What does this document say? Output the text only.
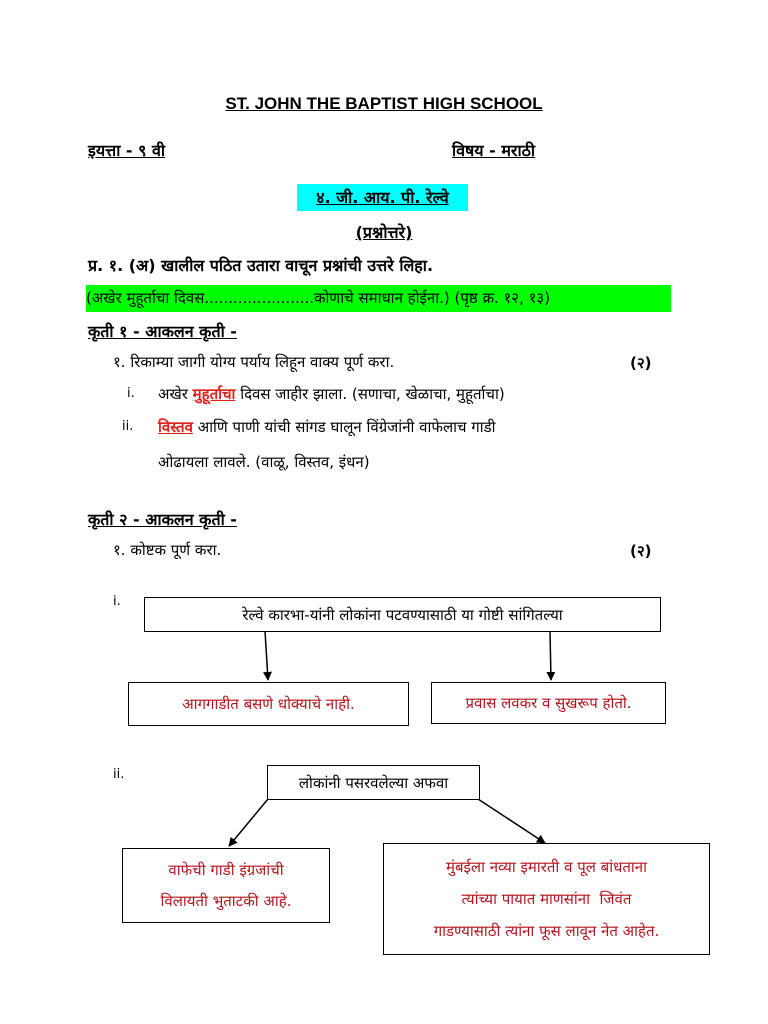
ST. JOHN THE BAPTIST HIGH SCHOOL
इयत्ता - ९ वी	विषय - मराठी
४. जी. आय. पी. रेल्वे
(प्रश्नोत्तरे)
प्र. १. (अ) खालील पठित उतारा वाचून प्रश्नांची उत्तरे लिहा.
(अखेर मुहूर्ताचा दिवस.......................कोणाचे समाधान होईना.) (पृष्ठ क्र. १२, १३)
कृती १ - आकलन कृती -
१. रिकाम्या जागी योग्य पर्याय लिहून वाक्य पूर्ण करा.	(२)
i. अखेर मुहूर्ताचा दिवस जाहीर झाला. (सणाचा, खेळाचा, मुहूर्ताचा)
ii. विस्तव आणि पाणी यांची सांगड घालून विंग्रेजांनी वाफेलाच गाडी
ओढायला लावले. (वाळू, विस्तव, इंधन)
कृती २ - आकलन कृती -
१. कोष्टक पूर्ण करा.	(२)
i.
रेल्वे कारभा-यांनी लोकांना पटवण्यासाठी या गोष्टी सांगितल्या
आगगाडीत बसणे धोक्याचे नाही.	प्रवास लवकर व सुखरूप होतो.
ii.	लोकांनी पसरवलेल्या अफवा
वाफेची गाडी इंग्रजांची
विलायती भुताटकी आहे.
मुंबईला नव्या इमारती व पूल बांधताना
त्यांच्या पायात माणसांना  जिवंत
गाडण्यासाठी त्यांना फूस लावून नेत आहेत.
